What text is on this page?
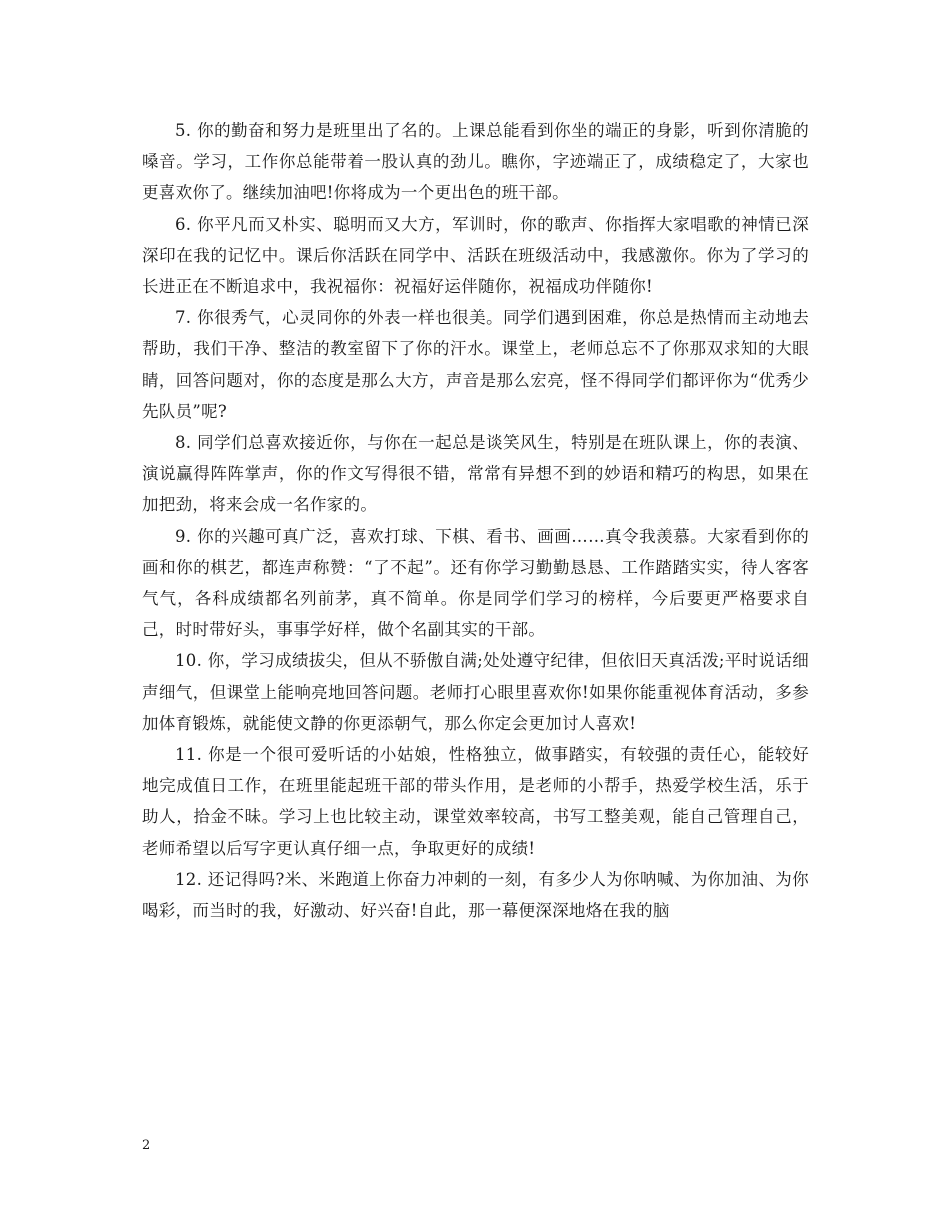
5. 你的勤奋和努力是班里出了名的。上课总能看到你坐的端正的身影，听到你清脆的嗓音。学习，工作你总能带着一股认真的劲儿。瞧你，字迹端正了，成绩稳定了，大家也更喜欢你了。继续加油吧!你将成为一个更出色的班干部。

6. 你平凡而又朴实、聪明而又大方，军训时，你的歌声、你指挥大家唱歌的神情已深深印在我的记忆中。课后你活跃在同学中、活跃在班级活动中，我感激你。你为了学习的长进正在不断追求中，我祝福你：祝福好运伴随你，祝福成功伴随你!

7. 你很秀气，心灵同你的外表一样也很美。同学们遇到困难，你总是热情而主动地去帮助，我们干净、整洁的教室留下了你的汗水。课堂上，老师总忘不了你那双求知的大眼睛，回答问题对，你的态度是那么大方，声音是那么宏亮，怪不得同学们都评你为“优秀少先队员”呢?

8. 同学们总喜欢接近你，与你在一起总是谈笑风生，特别是在班队课上，你的表演、演说赢得阵阵掌声，你的作文写得很不错，常常有异想不到的妙语和精巧的构思，如果在加把劲，将来会成一名作家的。

9. 你的兴趣可真广泛，喜欢打球、下棋、看书、画画……真令我羡慕。大家看到你的画和你的棋艺，都连声称赞：“了不起”。还有你学习勤勤恳恳、工作踏踏实实，待人客客气气，各科成绩都名列前茅，真不简单。你是同学们学习的榜样，今后要更严格要求自己，时时带好头，事事学好样，做个名副其实的干部。

10. 你，学习成绩拔尖，但从不骄傲自满;处处遵守纪律，但依旧天真活泼;平时说话细声细气，但课堂上能响亮地回答问题。老师打心眼里喜欢你!如果你能重视体育活动，多参加体育锻炼，就能使文静的你更添朝气，那么你定会更加讨人喜欢!

11. 你是一个很可爱听话的小姑娘，性格独立，做事踏实，有较强的责任心，能较好地完成值日工作，在班里能起班干部的带头作用，是老师的小帮手，热爱学校生活，乐于助人，拾金不昧。学习上也比较主动，课堂效率较高，书写工整美观，能自己管理自己，老师希望以后写字更认真仔细一点，争取更好的成绩!

12. 还记得吗?米、米跑道上你奋力冲刺的一刻，有多少人为你呐喊、为你加油、为你喝彩，而当时的我，好激动、好兴奋!自此，那一幕便深深地烙在我的脑

2
